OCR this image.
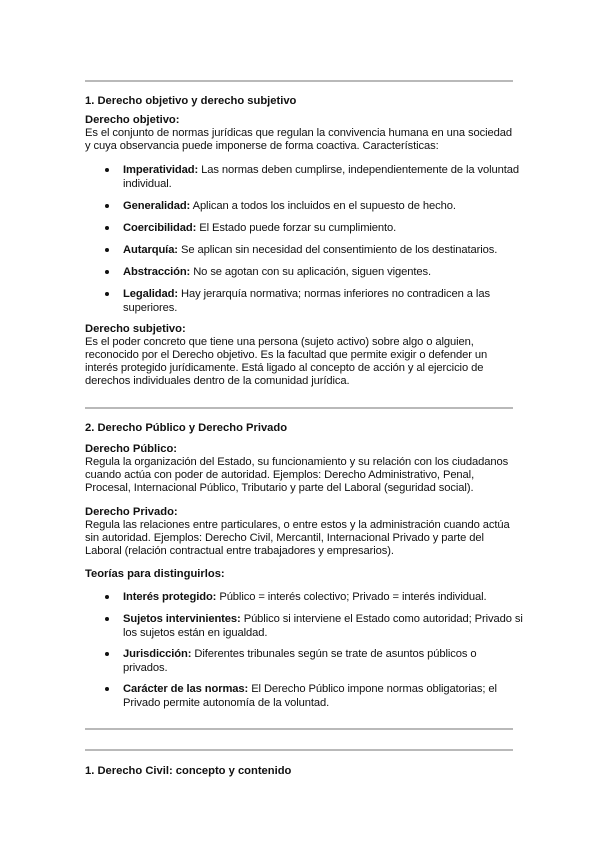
1. Derecho objetivo y derecho subjetivo

Derecho objetivo:

Es el conjunto de normas jurídicas que regulan la convivencia humana en una sociedad y cuya observancia puede imponerse de forma coactiva. Características:

Imperatividad: Las normas deben cumplirse, independientemente de la voluntad individual.
Generalidad: Aplican a todos los incluidos en el supuesto de hecho.
Coercibilidad: El Estado puede forzar su cumplimiento.
Autarquía: Se aplican sin necesidad del consentimiento de los destinatarios.
Abstracción: No se agotan con su aplicación, siguen vigentes.
Legalidad: Hay jerarquía normativa; normas inferiores no contradicen a las superiores.

Derecho subjetivo:

Es el poder concreto que tiene una persona (sujeto activo) sobre algo o alguien, reconocido por el Derecho objetivo. Es la facultad que permite exigir o defender un interés protegido jurídicamente. Está ligado al concepto de acción y al ejercicio de derechos individuales dentro de la comunidad jurídica.

2. Derecho Público y Derecho Privado

Derecho Público:

Regula la organización del Estado, su funcionamiento y su relación con los ciudadanos cuando actúa con poder de autoridad. Ejemplos: Derecho Administrativo, Penal, Procesal, Internacional Público, Tributario y parte del Laboral (seguridad social).

Derecho Privado:

Regula las relaciones entre particulares, o entre estos y la administración cuando actúa sin autoridad. Ejemplos: Derecho Civil, Mercantil, Internacional Privado y parte del Laboral (relación contractual entre trabajadores y empresarios).

Teorías para distinguirlos:

Interés protegido: Público = interés colectivo; Privado = interés individual.
Sujetos intervinientes: Público si interviene el Estado como autoridad; Privado si los sujetos están en igualdad.
Jurisdicción: Diferentes tribunales según se trate de asuntos públicos o privados.
Carácter de las normas: El Derecho Público impone normas obligatorias; el Privado permite autonomía de la voluntad.

1. Derecho Civil: concepto y contenido
